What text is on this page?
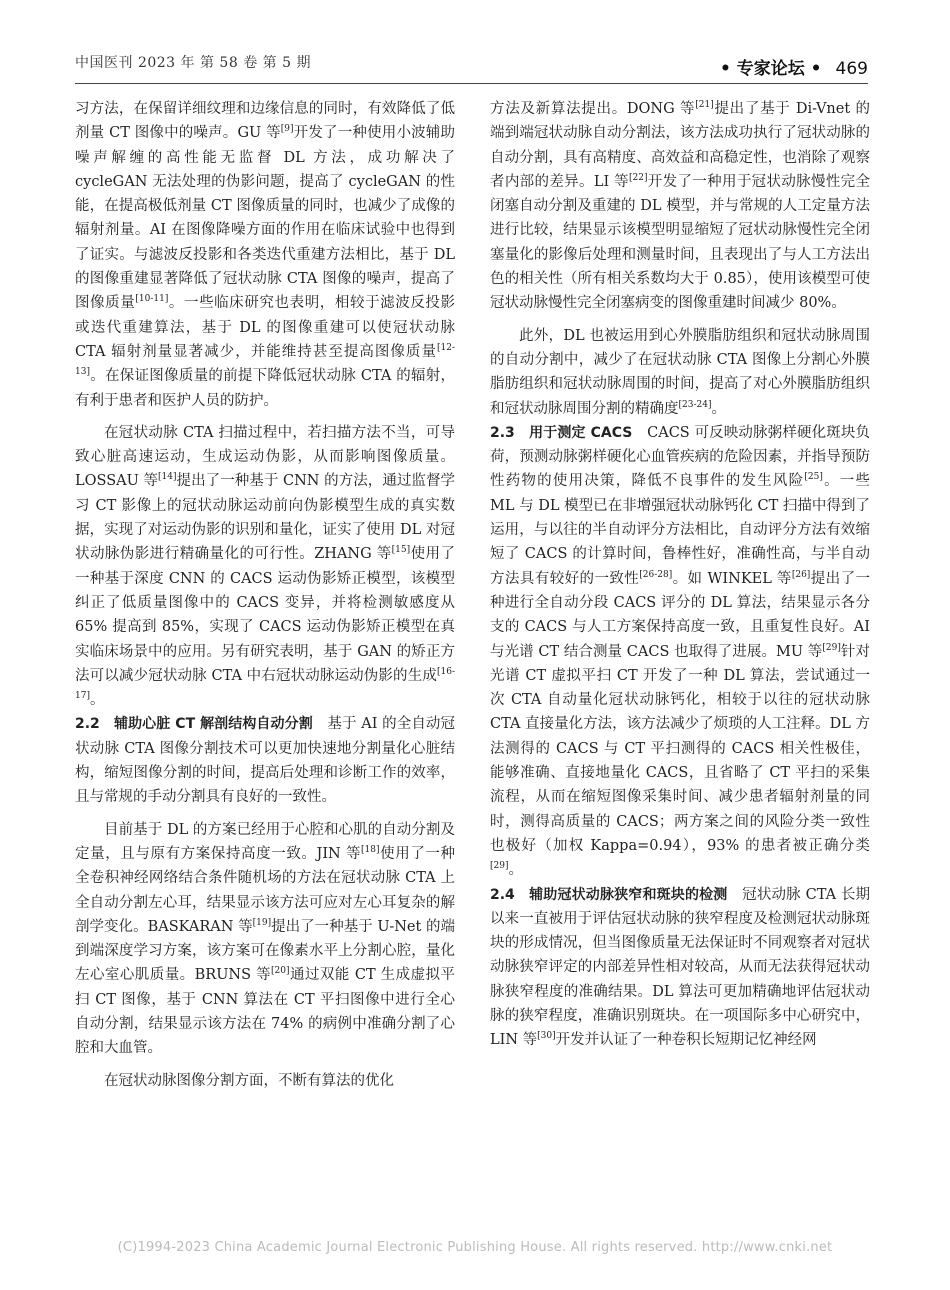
中国医刊 2023 年 第 58 卷 第 5 期	• 专家论坛 • 469

习方法，在保留详细纹理和边缘信息的同时，有效降低了低剂量 CT 图像中的噪声。GU 等[9]开发了一种使用小波辅助噪声解缠的高性能无监督 DL 方法，成功解决了 cycleGAN 无法处理的伪影问题，提高了 cycleGAN 的性能，在提高极低剂量 CT 图像质量的同时，也减少了成像的辐射剂量。AI 在图像降噪方面的作用在临床试验中也得到了证实。与滤波反投影和各类迭代重建方法相比，基于 DL 的图像重建显著降低了冠状动脉 CTA 图像的噪声，提高了图像质量[10-11]。一些临床研究也表明，相较于滤波反投影或迭代重建算法，基于 DL 的图像重建可以使冠状动脉 CTA 辐射剂量显著减少，并能维持甚至提高图像质量[12-13]。在保证图像质量的前提下降低冠状动脉 CTA 的辐射，有利于患者和医护人员的防护。

在冠状动脉 CTA 扫描过程中，若扫描方法不当，可导致心脏高速运动，生成运动伪影，从而影响图像质量。LOSSAU 等[14]提出了一种基于 CNN 的方法，通过监督学习 CT 影像上的冠状动脉运动前向伪影模型生成的真实数据，实现了对运动伪影的识别和量化，证实了使用 DL 对冠状动脉伪影进行精确量化的可行性。ZHANG 等[15]使用了一种基于深度 CNN 的 CACS 运动伪影矫正模型，该模型纠正了低质量图像中的 CACS 变异，并将检测敏感度从 65% 提高到 85%，实现了 CACS 运动伪影矫正模型在真实临床场景中的应用。另有研究表明，基于 GAN 的矫正方法可以减少冠状动脉 CTA 中右冠状动脉运动伪影的生成[16-17]。

2.2　辅助心脏 CT 解剖结构自动分割　基于 AI 的全自动冠状动脉 CTA 图像分割技术可以更加快速地分割量化心脏结构，缩短图像分割的时间，提高后处理和诊断工作的效率，且与常规的手动分割具有良好的一致性。

目前基于 DL 的方案已经用于心腔和心肌的自动分割及定量，且与原有方案保持高度一致。JIN 等[18]使用了一种全卷积神经网络结合条件随机场的方法在冠状动脉 CTA 上全自动分割左心耳，结果显示该方法可应对左心耳复杂的解剖学变化。BASKARAN 等[19]提出了一种基于 U-Net 的端到端深度学习方案，该方案可在像素水平上分割心腔，量化左心室心肌质量。BRUNS 等[20]通过双能 CT 生成虚拟平扫 CT 图像，基于 CNN 算法在 CT 平扫图像中进行全心自动分割，结果显示该方法在 74% 的病例中准确分割了心腔和大血管。

在冠状动脉图像分割方面，不断有算法的优化

方法及新算法提出。DONG 等[21]提出了基于 Di-Vnet 的端到端冠状动脉自动分割法，该方法成功执行了冠状动脉的自动分割，具有高精度、高效益和高稳定性，也消除了观察者内部的差异。LI 等[22]开发了一种用于冠状动脉慢性完全闭塞自动分割及重建的 DL 模型，并与常规的人工定量方法进行比较，结果显示该模型明显缩短了冠状动脉慢性完全闭塞量化的影像后处理和测量时间，且表现出了与人工方法出色的相关性（所有相关系数均大于 0.85），使用该模型可使冠状动脉慢性完全闭塞病变的图像重建时间减少 80%。

此外，DL 也被运用到心外膜脂肪组织和冠状动脉周围的自动分割中，减少了在冠状动脉 CTA 图像上分割心外膜脂肪组织和冠状动脉周围的时间，提高了对心外膜脂肪组织和冠状动脉周围分割的精确度[23-24]。

2.3　用于测定 CACS　CACS 可反映动脉粥样硬化斑块负荷，预测动脉粥样硬化心血管疾病的危险因素，并指导预防性药物的使用决策，降低不良事件的发生风险[25]。一些 ML 与 DL 模型已在非增强冠状动脉钙化 CT 扫描中得到了运用，与以往的半自动评分方法相比，自动评分方法有效缩短了 CACS 的计算时间，鲁棒性好，准确性高，与半自动方法具有较好的一致性[26-28]。如 WINKEL 等[26]提出了一种进行全自动分段 CACS 评分的 DL 算法，结果显示各分支的 CACS 与人工方案保持高度一致，且重复性良好。AI 与光谱 CT 结合测量 CACS 也取得了进展。MU 等[29]针对光谱 CT 虚拟平扫 CT 开发了一种 DL 算法，尝试通过一次 CTA 自动量化冠状动脉钙化，相较于以往的冠状动脉 CTA 直接量化方法，该方法减少了烦琐的人工注释。DL 方法测得的 CACS 与 CT 平扫测得的 CACS 相关性极佳，能够准确、直接地量化 CACS，且省略了 CT 平扫的采集流程，从而在缩短图像采集时间、减少患者辐射剂量的同时，测得高质量的 CACS；两方案之间的风险分类一致性也极好（加权 Kappa=0.94），93% 的患者被正确分类[29]。

2.4　辅助冠状动脉狭窄和斑块的检测　冠状动脉 CTA 长期以来一直被用于评估冠状动脉的狭窄程度及检测冠状动脉斑块的形成情况，但当图像质量无法保证时不同观察者对冠状动脉狭窄评定的内部差异性相对较高，从而无法获得冠状动脉狭窄程度的准确结果。DL 算法可更加精确地评估冠状动脉的狭窄程度，准确识别斑块。在一项国际多中心研究中，LIN 等[30]开发并认证了一种卷积长短期记忆神经网

(C)1994-2023 China Academic Journal Electronic Publishing House. All rights reserved. http://www.cnki.net
